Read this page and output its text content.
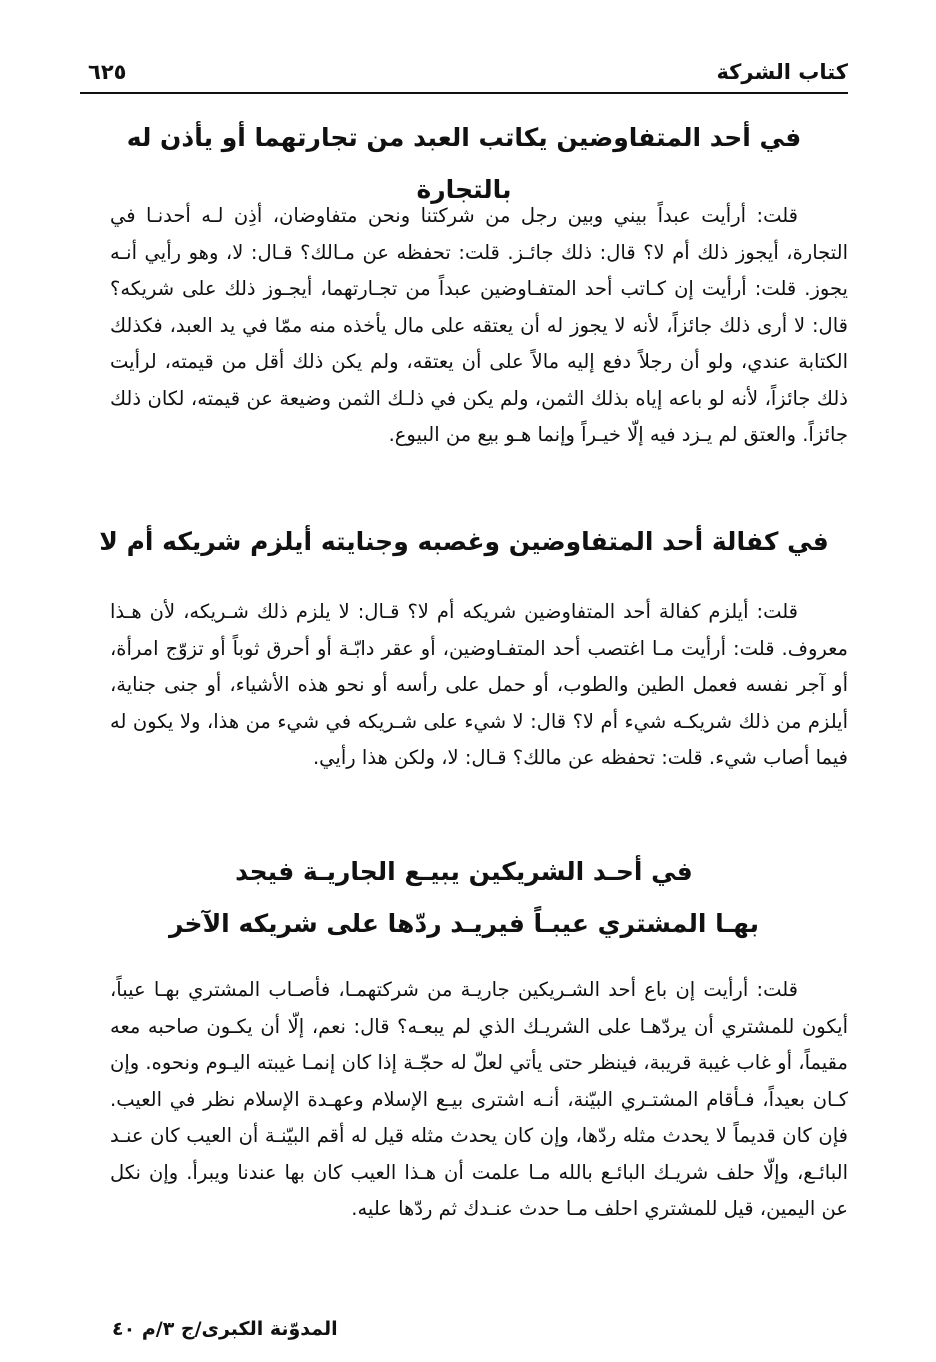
كتاب الشركة
٦٢٥
في أحد المتفاوضين يكاتب العبد من تجارتهما أو يأذن له بالتجارة

قلت: أرأيت عبداً بيني وبين رجل من شركتنا ونحن متفاوضان، أذِن لـه أحدنـا في التجارة، أيجوز ذلك أم لا؟ قال: ذلك جائـز. قلت: تحفظه عن مـالك؟ قـال: لا، وهو رأيي أنـه يجوز. قلت: أرأيت إن كـاتب أحد المتفـاوضين عبداً من تجـارتهما، أيجـوز ذلك على شريكه؟ قال: لا أرى ذلك جائزاً، لأنه لا يجوز له أن يعتقه على مال يأخذه منه ممّا في يد العبد، فكذلك الكتابة عندي، ولو أن رجلاً دفع إليه مالاً على أن يعتقه، ولم يكن ذلك أقل من قيمته، لرأيت ذلك جائزاً، لأنه لو باعه إياه بذلك الثمن، ولم يكن في ذلـك الثمن وضيعة عن قيمته، لكان ذلك جائزاً. والعتق لم يـزد فيه إلّا خيـراً وإنما هـو بيع من البيوع.

في كفالة أحد المتفاوضين وغصبه وجنايته أيلزم شريكه أم لا

قلت: أيلزم كفالة أحد المتفاوضين شريكه أم لا؟ قـال: لا يلزم ذلك شـريكه، لأن هـذا معروف. قلت: أرأيت مـا اغتصب أحد المتفـاوضين، أو عقر دابّـة أو أحرق ثوباً أو تزوّج امرأة، أو آجر نفسه فعمل الطين والطوب، أو حمل على رأسه أو نحو هذه الأشياء، أو جنى جناية، أيلزم من ذلك شريكـه شيء أم لا؟ قال: لا شيء على شـريكه في شيء من هذا، ولا يكون له فيما أصاب شيء. قلت: تحفظه عن مالك؟ قـال: لا، ولكن هذا رأيي.

في أحـد الشريكين يبيـع الجاريـة فيجد
بهـا المشتري عيبـاً فيريـد ردّها على شريكه الآخر

قلت: أرأيت إن باع أحد الشـريكين جاريـة من شركتهمـا، فأصـاب المشتري بهـا عيباً، أيكون للمشتري أن يردّهـا على الشريـك الذي لم يبعـه؟ قال: نعم، إلّا أن يكـون صاحبه معه مقيماً، أو غاب غيبة قريبة، فينظر حتى يأتي لعلّ له حجّـة إذا كان إنمـا غيبته اليـوم ونحوه. وإن كـان بعيداً، فـأقام المشتـري البيّنة، أنـه اشترى بيـع الإسلام وعهـدة الإسلام نظر في العيب. فإن كان قديماً لا يحدث مثله ردّها، وإن كان يحدث مثله قيل له أقم البيّنـة أن العيب كان عنـد البائـع، وإلّا حلف شريـك البائـع بالله مـا علمت أن هـذا العيب كان بها عندنا ويبرأ. وإن نكل عن اليمين، قيل للمشتري احلف مـا حدث عنـدك ثم ردّها عليه.

المدوّنة الكبرى/ج ٣/م ٤٠
